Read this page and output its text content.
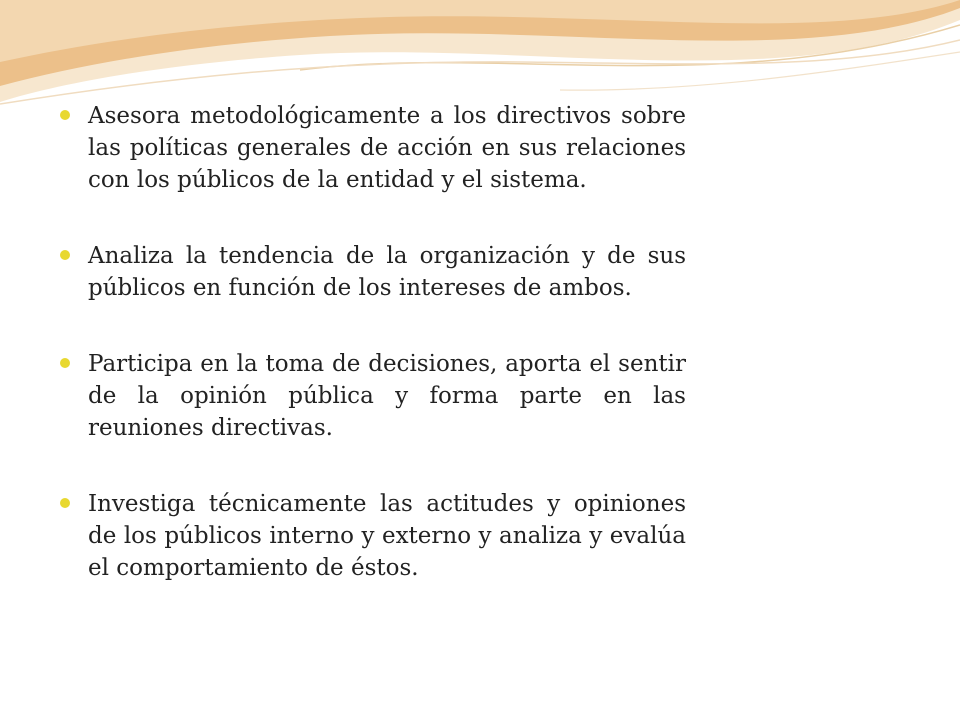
Asesora metodológicamente a los directivos sobre las políticas generales de acción en sus relaciones con los públicos de la entidad y el sistema.
Analiza la tendencia de la organización y de sus públicos en función de los intereses de ambos.
Participa en la toma de decisiones, aporta el sentir de la opinión pública y forma parte en las reuniones directivas.
Investiga técnicamente las actitudes y opiniones de los públicos interno y externo y analiza y evalúa el comportamiento de éstos.
